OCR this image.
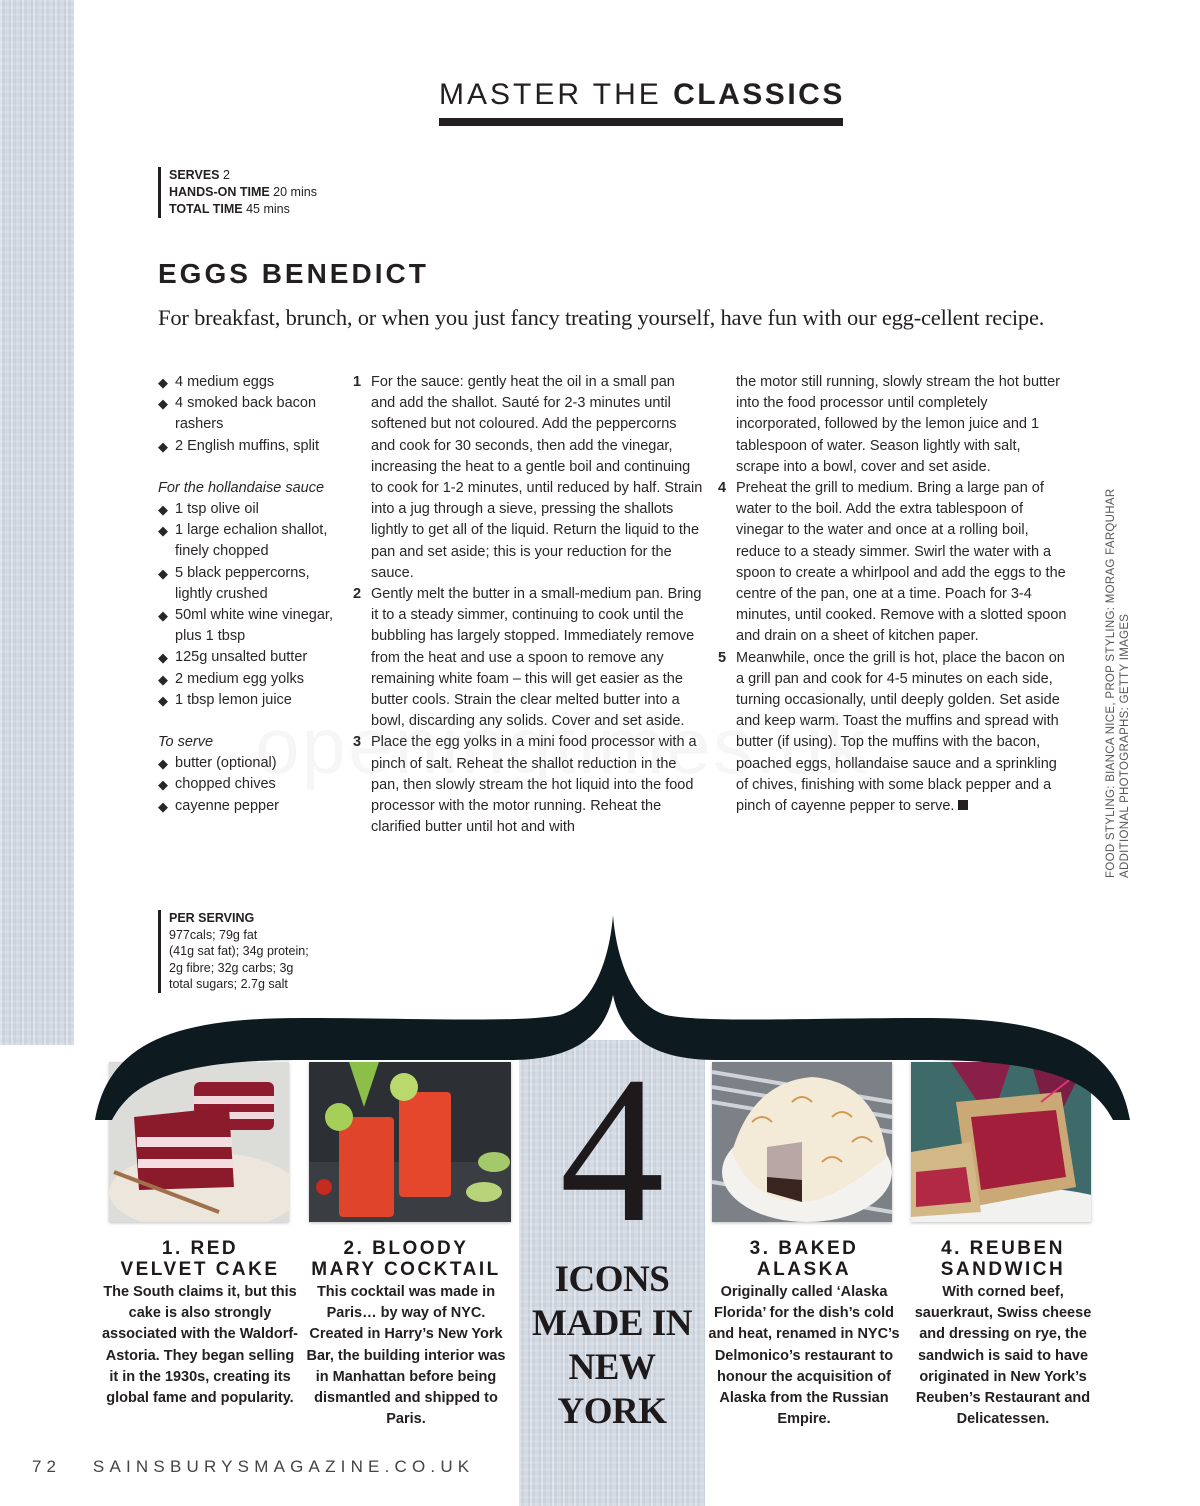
MASTER THE CLASSICS
SERVES 2
HANDS-ON TIME 20 mins
TOTAL TIME 45 mins
EGGS BENEDICT
For breakfast, brunch, or when you just fancy treating yourself, have fun with our egg-cellent recipe.
◆ 4 medium eggs
◆ 4 smoked back bacon rashers
◆ 2 English muffins, split
For the hollandaise sauce
◆ 1 tsp olive oil
◆ 1 large echalion shallot, finely chopped
◆ 5 black peppercorns, lightly crushed
◆ 50ml white wine vinegar, plus 1 tbsp
◆ 125g unsalted butter
◆ 2 medium egg yolks
◆ 1 tbsp lemon juice
To serve
◆ butter (optional)
◆ chopped chives
◆ cayenne pepper
1 For the sauce: gently heat the oil in a small pan and add the shallot. Sauté for 2-3 minutes until softened but not coloured. Add the peppercorns and cook for 30 seconds, then add the vinegar, increasing the heat to a gentle boil and continuing to cook for 1-2 minutes, until reduced by half. Strain into a jug through a sieve, pressing the shallots lightly to get all of the liquid. Return the liquid to the pan and set aside; this is your reduction for the sauce.
2 Gently melt the butter in a small-medium pan. Bring it to a steady simmer, continuing to cook until the bubbling has largely stopped. Immediately remove from the heat and use a spoon to remove any remaining white foam – this will get easier as the butter cools. Strain the clear melted butter into a bowl, discarding any solids. Cover and set aside.
3 Place the egg yolks in a mini food processor with a pinch of salt. Reheat the shallot reduction in the pan, then slowly stream the hot liquid into the food processor with the motor running. Reheat the clarified butter until hot and with
the motor still running, slowly stream the hot butter into the food processor until completely incorporated, followed by the lemon juice and 1 tablespoon of water. Season lightly with salt, scrape into a bowl, cover and set aside.
4 Preheat the grill to medium. Bring a large pan of water to the boil. Add the extra tablespoon of vinegar to the water and once at a rolling boil, reduce to a steady simmer. Swirl the water with a spoon to create a whirlpool and add the eggs to the centre of the pan, one at a time. Poach for 3-4 minutes, until cooked. Remove with a slotted spoon and drain on a sheet of kitchen paper.
5 Meanwhile, once the grill is hot, place the bacon on a grill pan and cook for 4-5 minutes on each side, turning occasionally, until deeply golden. Set aside and keep warm. Toast the muffins and spread with butter (if using). Top the muffins with the bacon, poached eggs, hollandaise sauce and a sprinkling of chives, finishing with some black pepper and a pinch of cayenne pepper to serve.	FOOD STYLING: BIANCA NICE, PROP STYLING: MORAG FARQUHAR ADDITIONAL PHOTOGRAPHS: GETTY IMAGES
PER SERVING
977cals; 79g fat
(41g sat fat); 34g protein;
2g fibre; 32g carbs; 3g
total sugars; 2.7g salt
4
ICONS
MADE IN
NEW
YORK
1. RED
VELVET CAKE
The South claims it, but this cake is also strongly associated with the Waldorf-Astoria. They began selling it in the 1930s, creating its global fame and popularity.
2. BLOODY
MARY COCKTAIL
This cocktail was made in Paris… by way of NYC. Created in Harry’s New York Bar, the building interior was in Manhattan before being dismantled and shipped to Paris.
3. BAKED
ALASKA
Originally called ‘Alaska Florida’ for the dish’s cold and heat, renamed in NYC’s Delmonico’s restaurant to honour the acquisition of Alaska from the Russian Empire.
4. REUBEN
SANDWICH
With corned beef, sauerkraut, Swiss cheese and dressing on rye, the sandwich is said to have originated in New York’s Reuben’s Restaurant and Delicatessen.
72 SAINSBURYSMAGAZINE.CO.UK
